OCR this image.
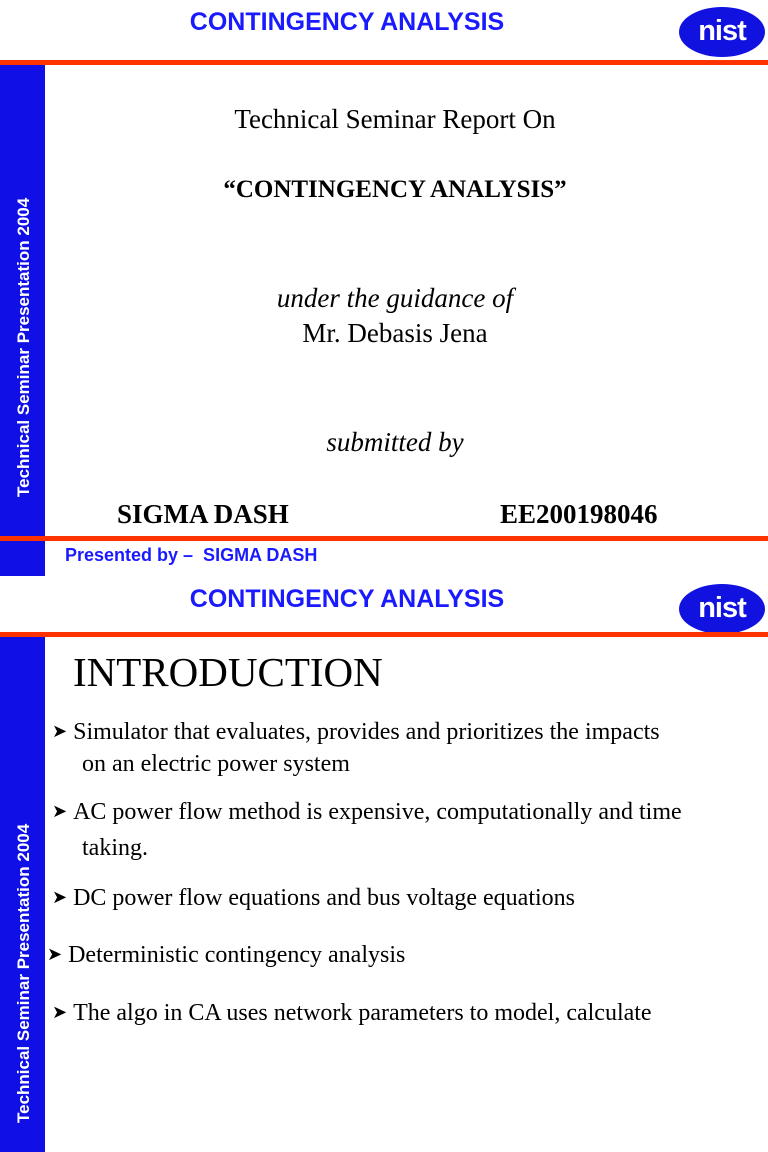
CONTINGENCY ANALYSIS	nist
Technical Seminar Presentation 2004
Technical Seminar Report On
“CONTINGENCY ANALYSIS”
under the guidance of
Mr. Debasis Jena
submitted by
SIGMA DASH	EE200198046
Presented by –  SIGMA DASH
CONTINGENCY ANALYSIS	nist
Technical Seminar Presentation 2004
INTRODUCTION
➤ Simulator that evaluates, provides and prioritizes the impacts
on an electric power system
➤ AC power flow method is expensive, computationally and time
taking.
➤ DC power flow equations and bus voltage equations
➤ Deterministic contingency analysis
➤ The algo in CA uses network parameters to model, calculate
